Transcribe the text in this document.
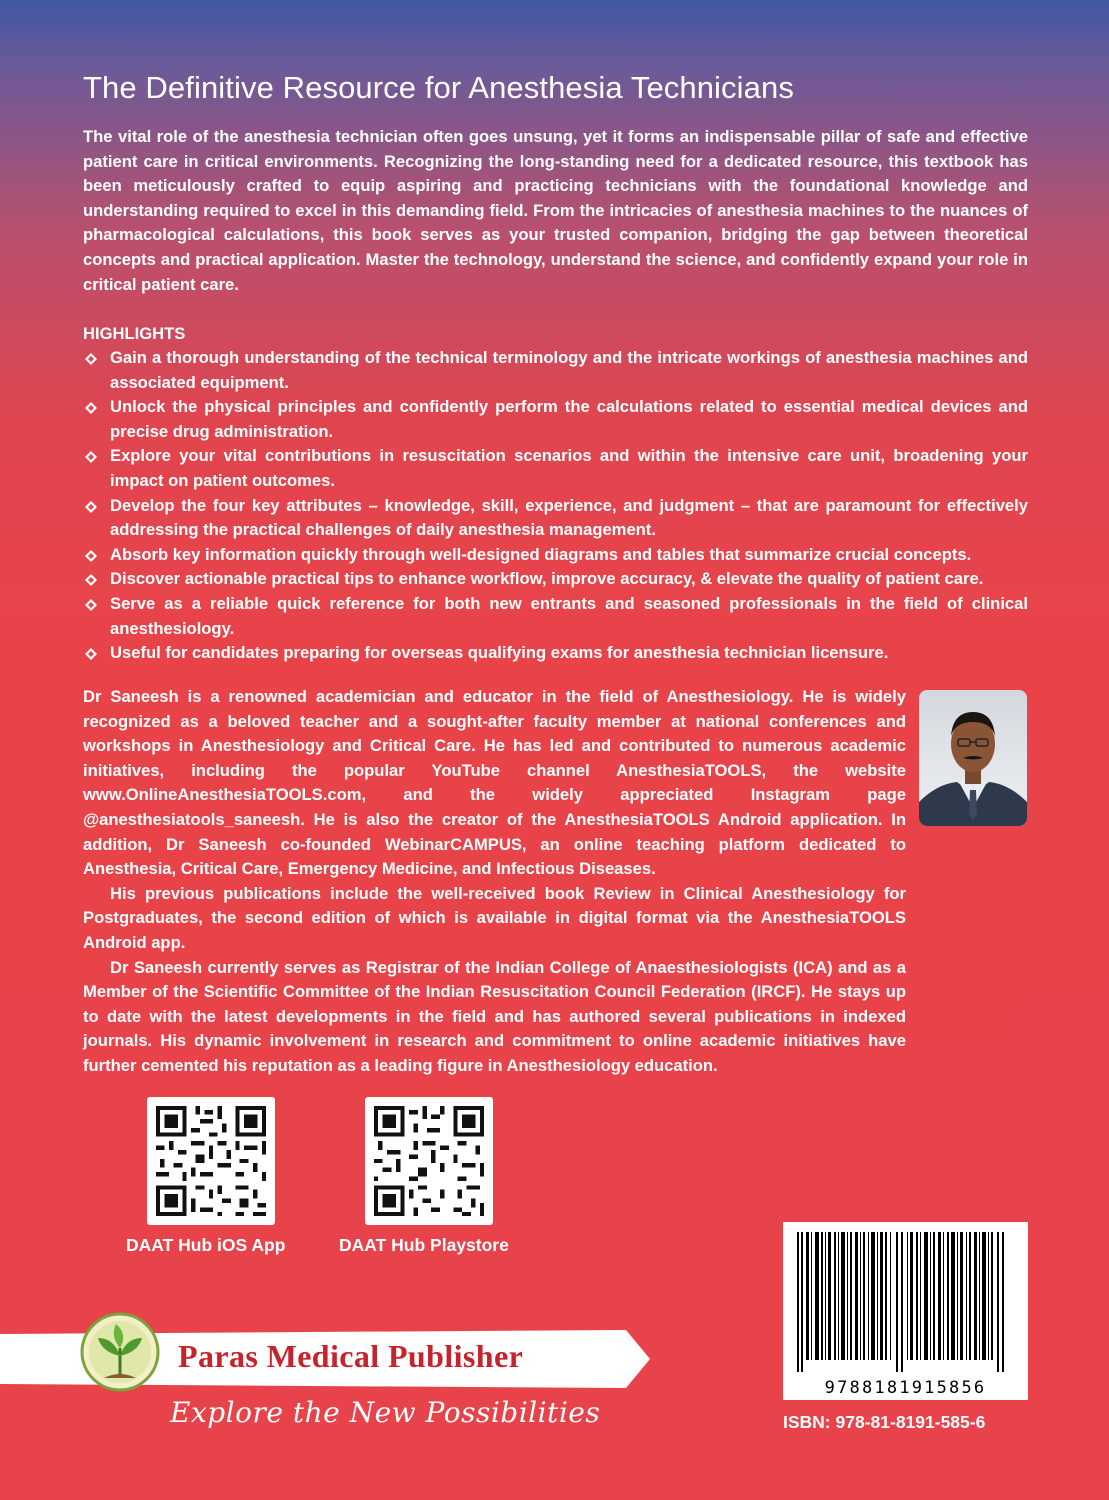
The Definitive Resource for Anesthesia Technicians

The vital role of the anesthesia technician often goes unsung, yet it forms an indispensable pillar of safe and effective patient care in critical environments. Recognizing the long-standing need for a dedicated resource, this textbook has been meticulously crafted to equip aspiring and practicing technicians with the foundational knowledge and understanding required to excel in this demanding field. From the intricacies of anesthesia machines to the nuances of pharmacological calculations, this book serves as your trusted companion, bridging the gap between theoretical concepts and practical application. Master the technology, understand the science, and confidently expand your role in critical patient care.

HIGHLIGHTS
Gain a thorough understanding of the technical terminology and the intricate workings of anesthesia machines and associated equipment.
Unlock the physical principles and confidently perform the calculations related to essential medical devices and precise drug administration.
Explore your vital contributions in resuscitation scenarios and within the intensive care unit, broadening your impact on patient outcomes.
Develop the four key attributes – knowledge, skill, experience, and judgment – that are paramount for effectively addressing the practical challenges of daily anesthesia management.
Absorb key information quickly through well-designed diagrams and tables that summarize crucial concepts.
Discover actionable practical tips to enhance workflow, improve accuracy, & elevate the quality of patient care.
Serve as a reliable quick reference for both new entrants and seasoned professionals in the field of clinical anesthesiology.
Useful for candidates preparing for overseas qualifying exams for anesthesia technician licensure.

Dr Saneesh is a renowned academician and educator in the field of Anesthesiology. He is widely recognized as a beloved teacher and a sought-after faculty member at national conferences and workshops in Anesthesiology and Critical Care. He has led and contributed to numerous academic initiatives, including the popular YouTube channel AnesthesiaTOOLS, the website www.OnlineAnesthesiaTOOLS.com, and the widely appreciated Instagram page @anesthesiatools_saneesh. He is also the creator of the AnesthesiaTOOLS Android application. In addition, Dr Saneesh co-founded WebinarCAMPUS, an online teaching platform dedicated to Anesthesia, Critical Care, Emergency Medicine, and Infectious Diseases.

His previous publications include the well-received book Review in Clinical Anesthesiology for Postgraduates, the second edition of which is available in digital format via the AnesthesiaTOOLS Android app.

Dr Saneesh currently serves as Registrar of the Indian College of Anaesthesiologists (ICA) and as a Member of the Scientific Committee of the Indian Resuscitation Council Federation (IRCF). He stays up to date with the latest developments in the field and has authored several publications in indexed journals. His dynamic involvement in research and commitment to online academic initiatives have further cemented his reputation as a leading figure in Anesthesiology education.

DAAT Hub iOS App	DAAT Hub Playstore
9788181915856
ISBN: 978-81-8191-585-6
Paras Medical Publisher
Explore the New Possibilities
